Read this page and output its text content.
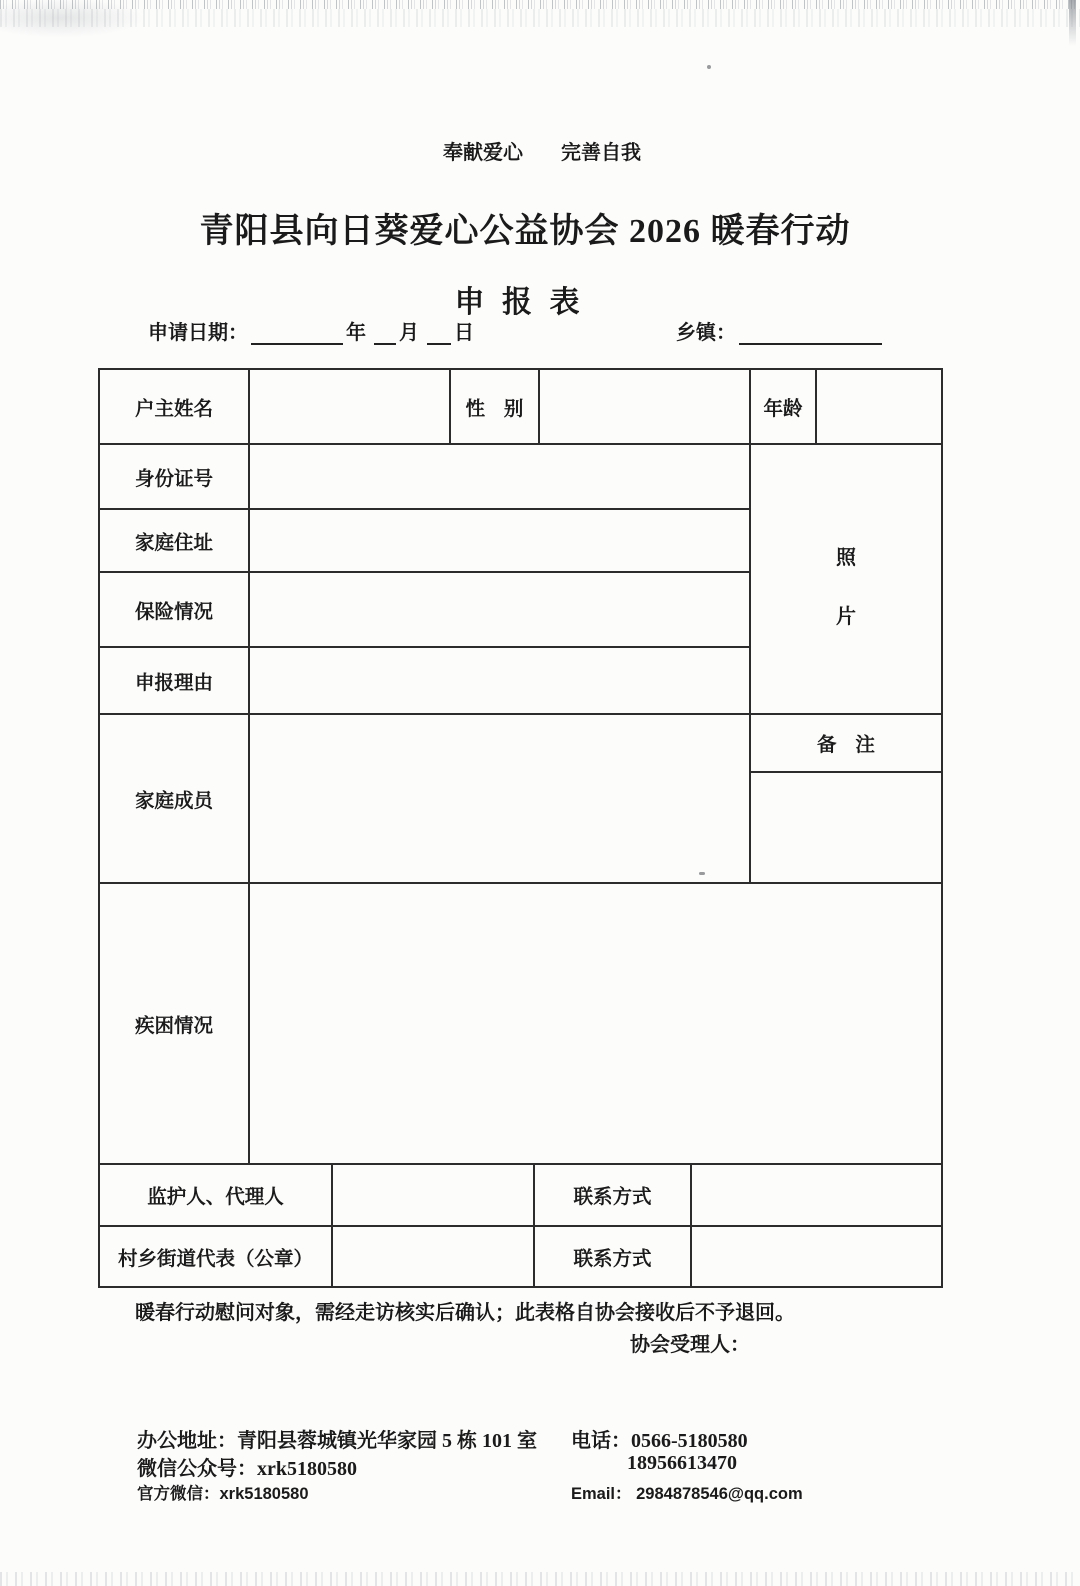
奉献爱心 完善自我
青阳县向日葵爱心公益协会 2026 暖春行动
申 报 表
申请日期：	年 月 日	乡镇：
户主姓名		性 别		年龄	
身份证号				照
片	

家庭住址					
保险情况					
申报理由					
家庭成员				备 注	

疾困情况					
监护人、代理人		联系方式	
村乡街道代表（公章）		联系方式	
暖春行动慰问对象，需经走访核实后确认；此表格自协会接收后不予退回。
协会受理人：
办公地址：青阳县蓉城镇光华家园 5 栋 101 室
微信公众号：xrk5180580
官方微信：xrk5180580
电话：0566-5180580
18956613470
Email： 2984878546@qq.com
